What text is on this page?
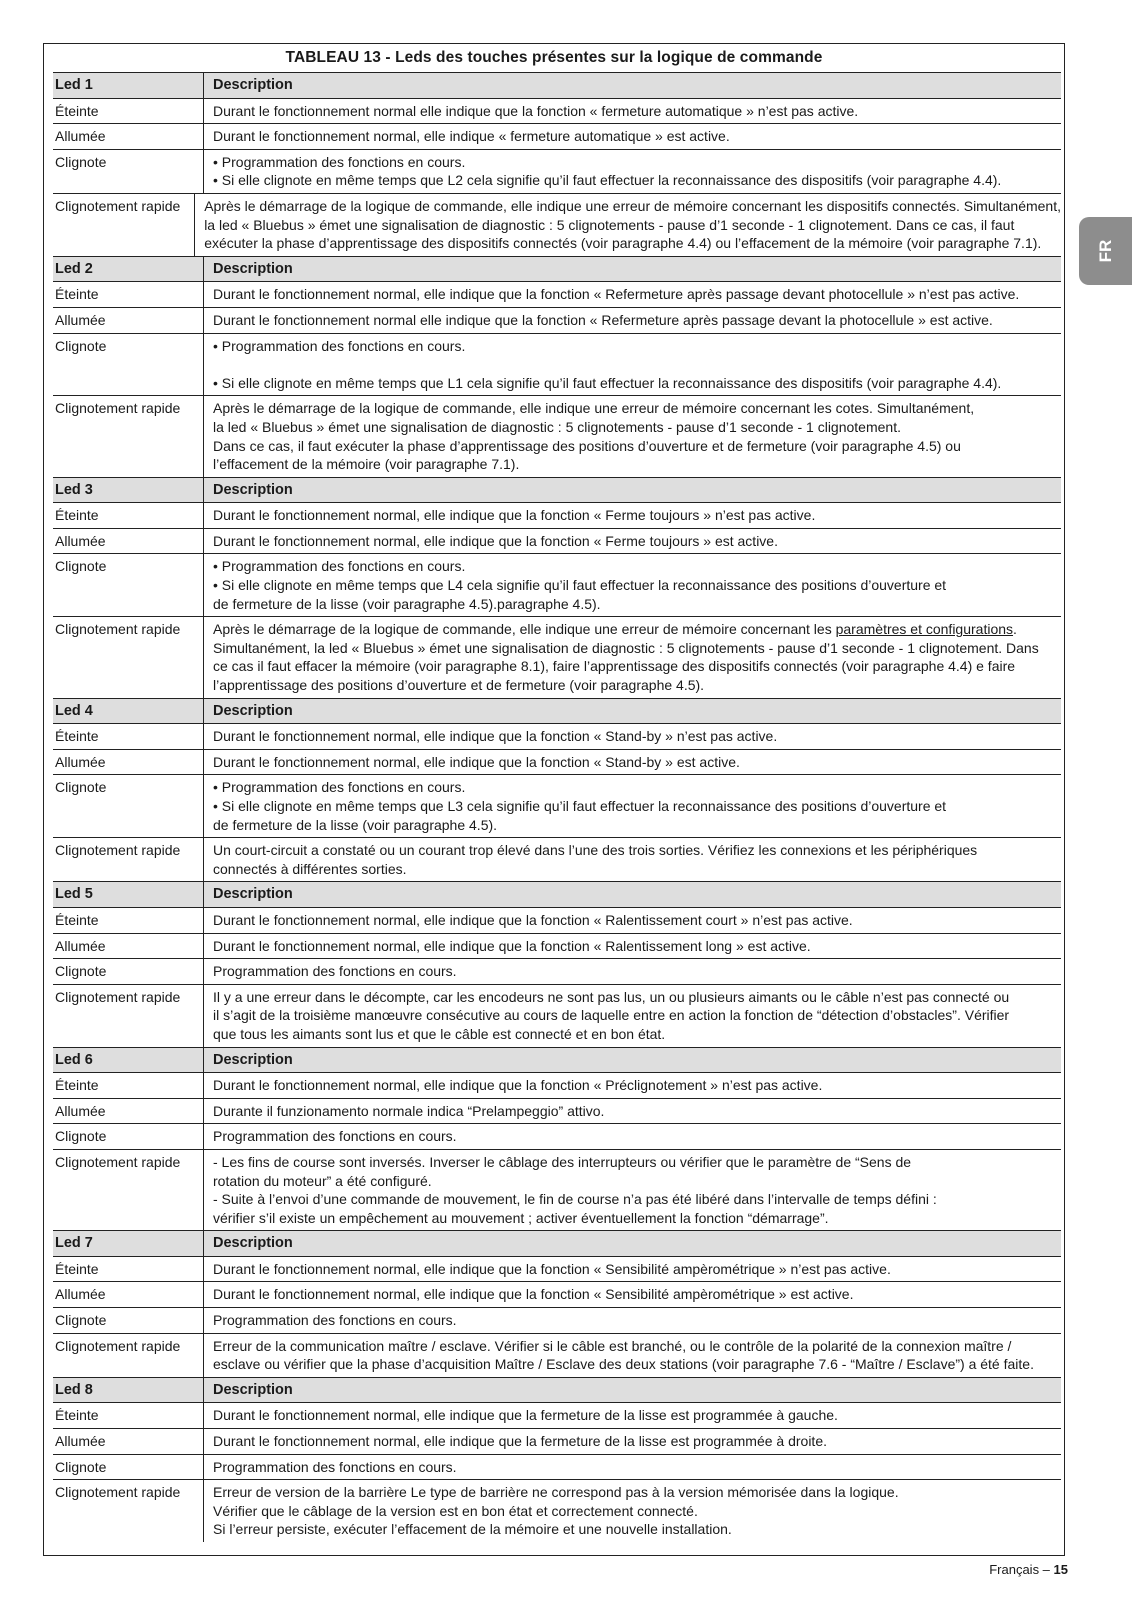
TABLEAU 13 - Leds des touches présentes sur la logique de commande
Led 1	Description
Éteinte	Durant le fonctionnement normal elle indique que la fonction « fermeture automatique » n’est pas active.
Allumée	Durant le fonctionnement normal, elle indique « fermeture automatique » est active.
Clignote	• Programmation des fonctions en cours.
• Si elle clignote en même temps que L2 cela signifie qu’il faut effectuer la reconnaissance des dispositifs (voir paragraphe 4.4).
Clignotement rapide	Après le démarrage de la logique de commande, elle indique une erreur de mémoire concernant les dispositifs connectés. Simultanément,
la led « Bluebus » émet une signalisation de diagnostic : 5 clignotements - pause d’1 seconde - 1 clignotement. Dans ce cas, il faut
exécuter la phase d’apprentissage des dispositifs connectés (voir paragraphe 4.4) ou l’effacement de la mémoire (voir paragraphe 7.1).
Led 2	Description
Éteinte	Durant le fonctionnement normal, elle indique que la fonction « Refermeture après passage devant photocellule » n’est pas active.
Allumée	Durant le fonctionnement normal elle indique que la fonction « Refermeture après passage devant la photocellule » est active.
Clignote	• Programmation des fonctions en cours.

• Si elle clignote en même temps que L1 cela signifie qu’il faut effectuer la reconnaissance des dispositifs (voir paragraphe 4.4).
Clignotement rapide	Après le démarrage de la logique de commande, elle indique une erreur de mémoire concernant les cotes. Simultanément,
la led « Bluebus » émet une signalisation de diagnostic : 5 clignotements - pause d’1 seconde - 1 clignotement.
Dans ce cas, il faut exécuter la phase d’apprentissage des positions d’ouverture et de fermeture (voir paragraphe 4.5) ou
l’effacement de la mémoire (voir paragraphe 7.1).
Led 3	Description
Éteinte	Durant le fonctionnement normal, elle indique que la fonction « Ferme toujours » n’est pas active.
Allumée	Durant le fonctionnement normal, elle indique que la fonction « Ferme toujours » est active.
Clignote	• Programmation des fonctions en cours.
• Si elle clignote en même temps que L4 cela signifie qu’il faut effectuer la reconnaissance des positions d’ouverture et
de fermeture de la lisse (voir paragraphe 4.5).paragraphe 4.5).
Clignotement rapide	Après le démarrage de la logique de commande, elle indique une erreur de mémoire concernant les paramètres et configurations.
Simultanément, la led « Bluebus » émet une signalisation de diagnostic : 5 clignotements - pause d’1 seconde - 1 clignotement. Dans
ce cas il faut effacer la mémoire (voir paragraphe 8.1), faire l’apprentissage des dispositifs connectés (voir paragraphe 4.4) e faire
l’apprentissage des positions d’ouverture et de fermeture (voir paragraphe 4.5).
Led 4	Description
Éteinte	Durant le fonctionnement normal, elle indique que la fonction « Stand-by » n’est pas active.
Allumée	Durant le fonctionnement normal, elle indique que la fonction « Stand-by » est active.
Clignote	• Programmation des fonctions en cours.
• Si elle clignote en même temps que L3 cela signifie qu’il faut effectuer la reconnaissance des positions d’ouverture et
de fermeture de la lisse (voir paragraphe 4.5).
Clignotement rapide	Un court-circuit a constaté ou un courant trop élevé dans l’une des trois sorties. Vérifiez les connexions et les périphériques
connectés à différentes sorties.
Led 5	Description
Éteinte	Durant le fonctionnement normal, elle indique que la fonction « Ralentissement court » n’est pas active.
Allumée	Durant le fonctionnement normal, elle indique que la fonction « Ralentissement long » est active.
Clignote	Programmation des fonctions en cours.
Clignotement rapide	Il y a une erreur dans le décompte, car les encodeurs ne sont pas lus, un ou plusieurs aimants ou le câble n’est pas connecté ou
il s’agit de la troisième manœuvre consécutive au cours de laquelle entre en action la fonction de “détection d’obstacles”. Vérifier
que tous les aimants sont lus et que le câble est connecté et en bon état.
Led 6	Description
Éteinte	Durant le fonctionnement normal, elle indique que la fonction « Préclignotement » n’est pas active.
Allumée	Durante il funzionamento normale indica “Prelampeggio” attivo.
Clignote	Programmation des fonctions en cours.
Clignotement rapide	- Les fins de course sont inversés. Inverser le câblage des interrupteurs ou vérifier que le paramètre de “Sens de
rotation du moteur” a été configuré.
- Suite à l’envoi d’une commande de mouvement, le fin de course n’a pas été libéré dans l’intervalle de temps défini :
vérifier s’il existe un empêchement au mouvement ; activer éventuellement la fonction “démarrage”.
Led 7	Description
Éteinte	Durant le fonctionnement normal, elle indique que la fonction « Sensibilité ampèrométrique » n’est pas active.
Allumée	Durant le fonctionnement normal, elle indique que la fonction « Sensibilité ampèrométrique » est active.
Clignote	Programmation des fonctions en cours.
Clignotement rapide	Erreur de la communication maître / esclave. Vérifier si le câble est branché, ou le contrôle de la polarité de la connexion maître /
esclave ou vérifier que la phase d’acquisition Maître / Esclave des deux stations (voir paragraphe 7.6 - “Maître / Esclave”) a été faite.
Led 8	Description
Éteinte	Durant le fonctionnement normal, elle indique que la fermeture de la lisse est programmée à gauche.
Allumée	Durant le fonctionnement normal, elle indique que la fermeture de la lisse est programmée à droite.
Clignote	Programmation des fonctions en cours.
Clignotement rapide	Erreur de version de la barrière Le type de barrière ne correspond pas à la version mémorisée dans la logique.
Vérifier que le câblage de la version est en bon état et correctement connecté.
Si l’erreur persiste, exécuter l’effacement de la mémoire et une nouvelle installation.
FR
Français – 15
